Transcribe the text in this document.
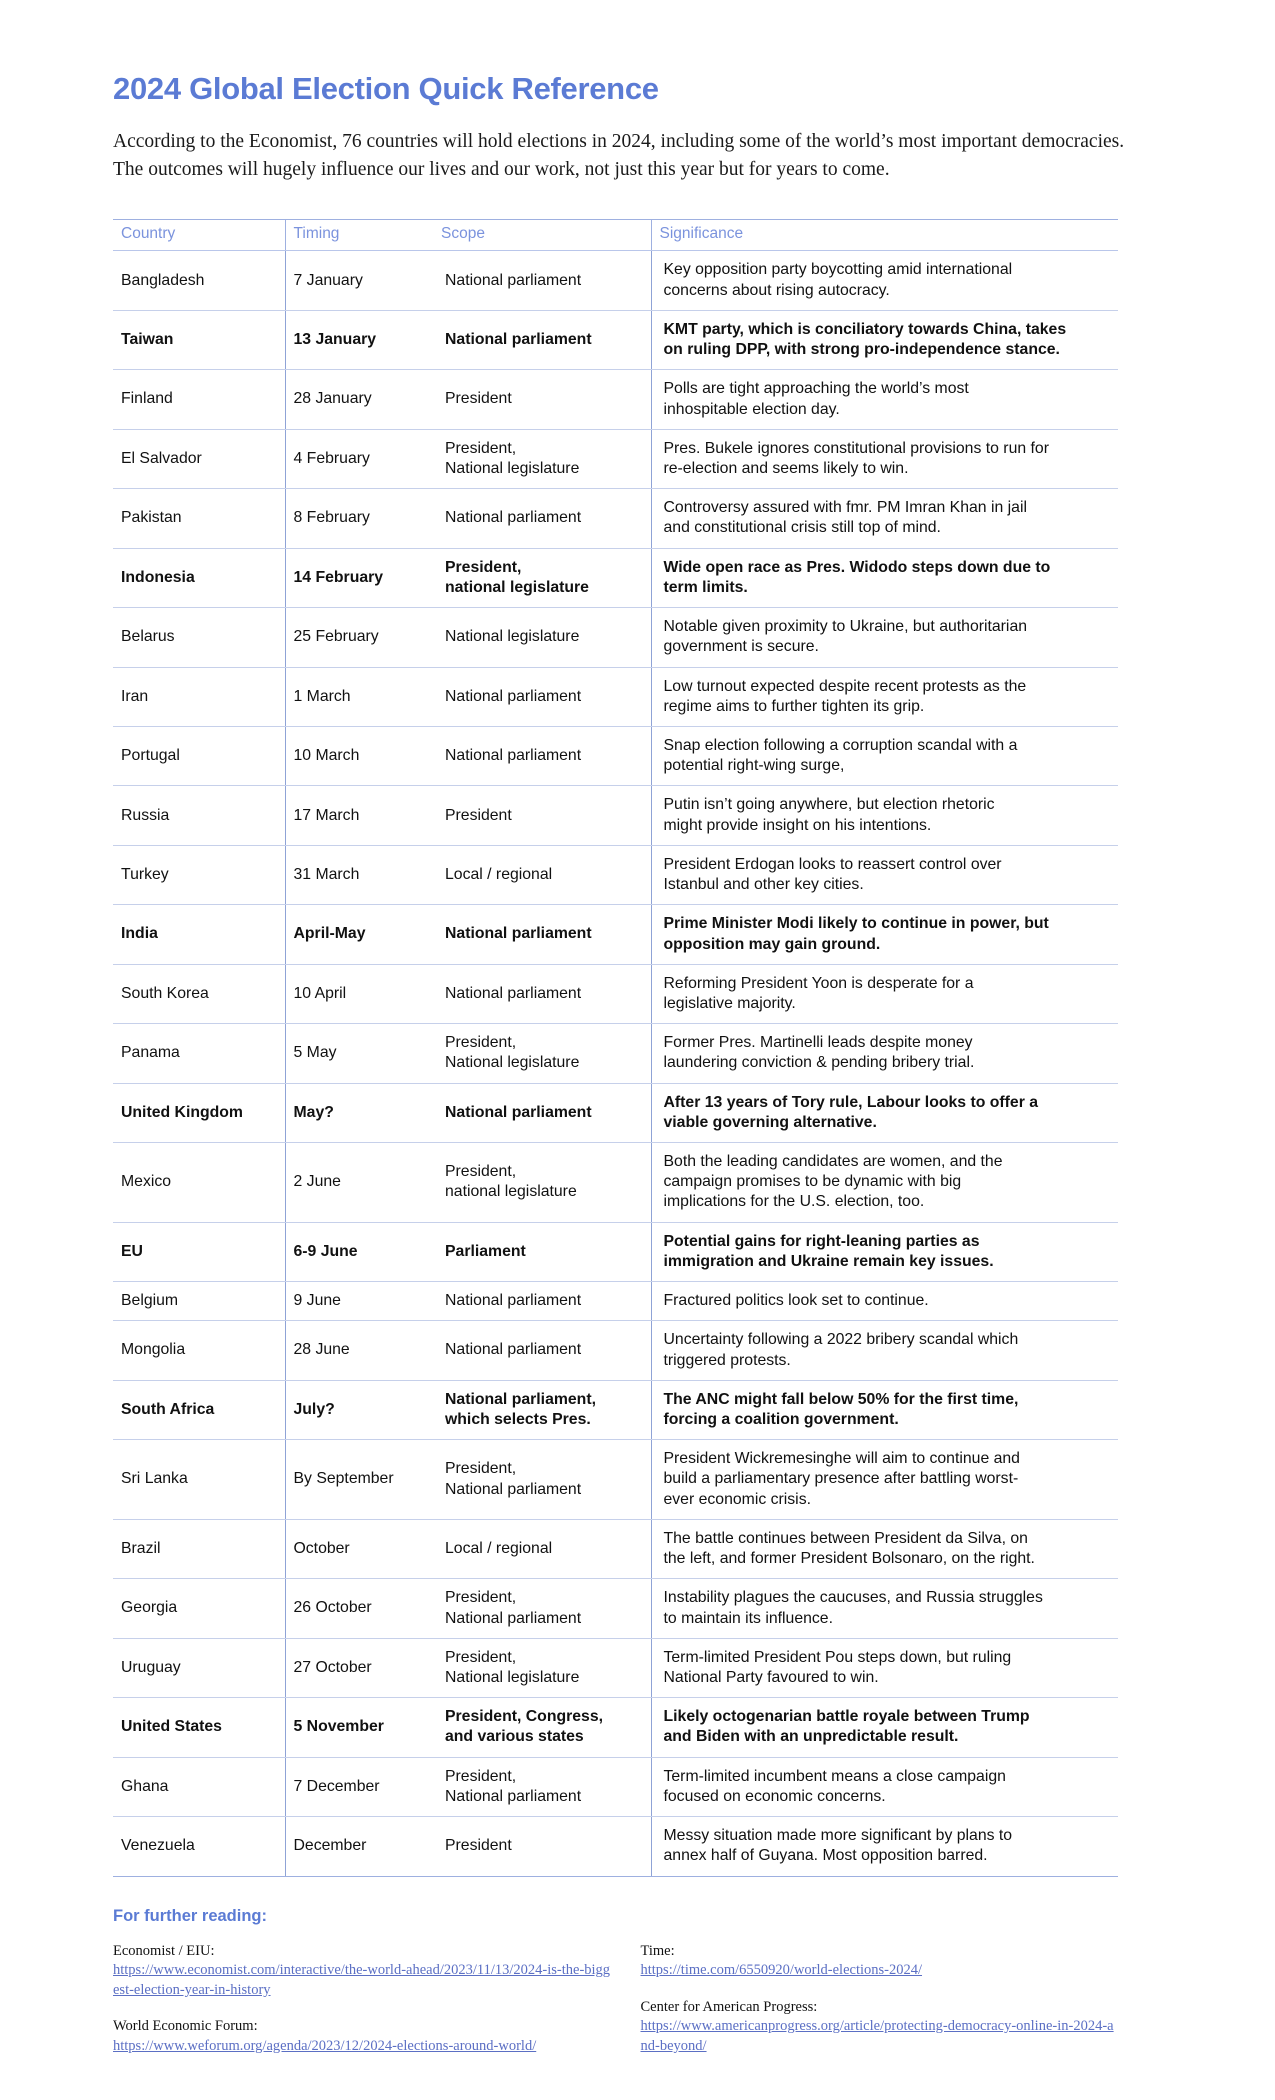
2024 Global Election Quick Reference

According to the Economist, 76 countries will hold elections in 2024, including some of the world’s most important democracies. The outcomes will hugely influence our lives and our work, not just this year but for years to come.

Country	Timing	Scope	Significance
Bangladesh	7 January	National parliament	Key opposition party boycotting amid international
concerns about rising autocracy.

Taiwan	13 January	National parliament	KMT party, which is conciliatory towards China, takes
on ruling DPP, with strong pro-independence stance.

Finland	28 January	President	Polls are tight approaching the world’s most
inhospitable election day.

El Salvador	4 February	President,
National legislature	Pres. Bukele ignores constitutional provisions to run for
re-election and seems likely to win.

Pakistan	8 February	National parliament	Controversy assured with fmr. PM Imran Khan in jail
and constitutional crisis still top of mind.

Indonesia	14 February	President,
national legislature	Wide open race as Pres. Widodo steps down due to
term limits.

Belarus	25 February	National legislature	Notable given proximity to Ukraine, but authoritarian
government is secure.

Iran	1 March	National parliament	Low turnout expected despite recent protests as the
regime aims to further tighten its grip.

Portugal	10 March	National parliament	Snap election following a corruption scandal with a
potential right-wing surge,

Russia	17 March	President	Putin isn’t going anywhere, but election rhetoric
might provide insight on his intentions.

Turkey	31 March	Local / regional	President Erdogan looks to reassert control over
Istanbul and other key cities.

India	April-May	National parliament	Prime Minister Modi likely to continue in power, but
opposition may gain ground.

South Korea	10 April	National parliament	Reforming President Yoon is desperate for a
legislative majority.

Panama	5 May	President,
National legislature	Former Pres. Martinelli leads despite money
laundering conviction & pending bribery trial.

United Kingdom	May?	National parliament	After 13 years of Tory rule, Labour looks to offer a
viable governing alternative.

Mexico	2 June	President,
national legislature	Both the leading candidates are women, and the
campaign promises to be dynamic with big
implications for the U.S. election, too.

EU	6-9 June	Parliament	Potential gains for right-leaning parties as
immigration and Ukraine remain key issues.

Belgium	9 June	National parliament	Fractured politics look set to continue.

Mongolia	28 June	National parliament	Uncertainty following a 2022 bribery scandal which
triggered protests.

South Africa	July?	National parliament,
which selects Pres.	The ANC might fall below 50% for the first time,
forcing a coalition government.

Sri Lanka	By September	President,
National parliament	President Wickremesinghe will aim to continue and
build a parliamentary presence after battling worst-
ever economic crisis.

Brazil	October	Local / regional	The battle continues between President da Silva, on
the left, and former President Bolsonaro, on the right.

Georgia	26 October	President,
National parliament	Instability plagues the caucuses, and Russia struggles
to maintain its influence.

Uruguay	27 October	President,
National legislature	Term-limited President Pou steps down, but ruling
National Party favoured to win.

United States	5 November	President, Congress,
and various states	Likely octogenarian battle royale between Trump
and Biden with an unpredictable result.

Ghana	7 December	President,
National parliament	Term-limited incumbent means a close campaign
focused on economic concerns.

Venezuela	December	President	Messy situation made more significant by plans to
annex half of Guyana. Most opposition barred.
For further reading:
Economist / EIU:
https://www.economist.com/interactive/the-world-ahead/2023/11/13/2024-is-the-biggest-election-year-in-history
World Economic Forum:
https://www.weforum.org/agenda/2023/12/2024-elections-around-world/
Time:
https://time.com/6550920/world-elections-2024/
Center for American Progress:
https://www.americanprogress.org/article/protecting-democracy-online-in-2024-and-beyond/
